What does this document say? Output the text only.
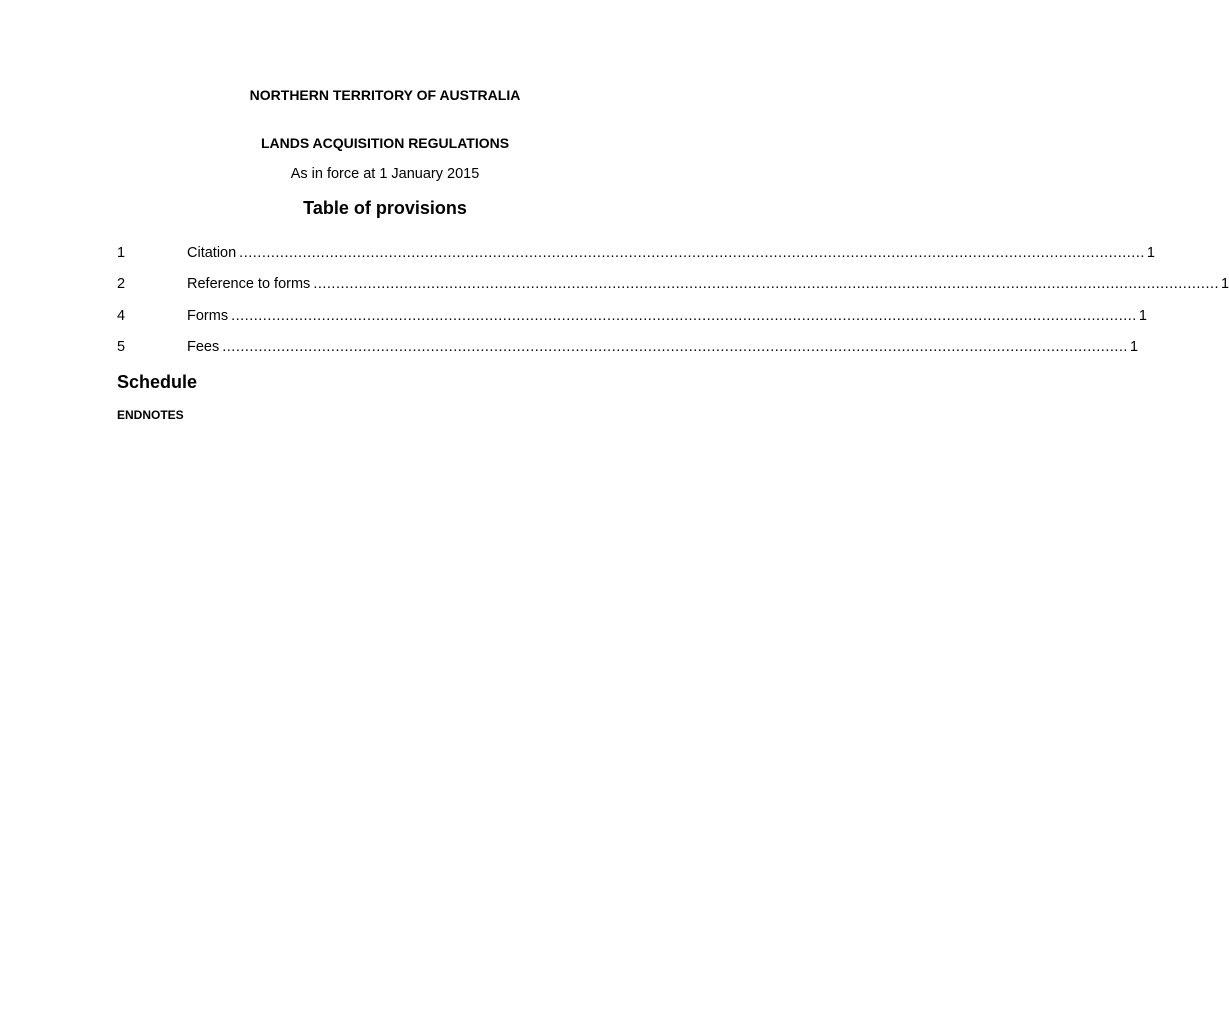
NORTHERN TERRITORY OF AUSTRALIA
LANDS ACQUISITION REGULATIONS
As in force at 1 January 2015
Table of provisions
1	Citation ........................................................................................................................................................................................................ 1
2	Reference to forms ........................................................................................................................................................................................................ 1
4	Forms ........................................................................................................................................................................................................ 1
5	Fees ........................................................................................................................................................................................................ 1
Schedule
ENDNOTES
